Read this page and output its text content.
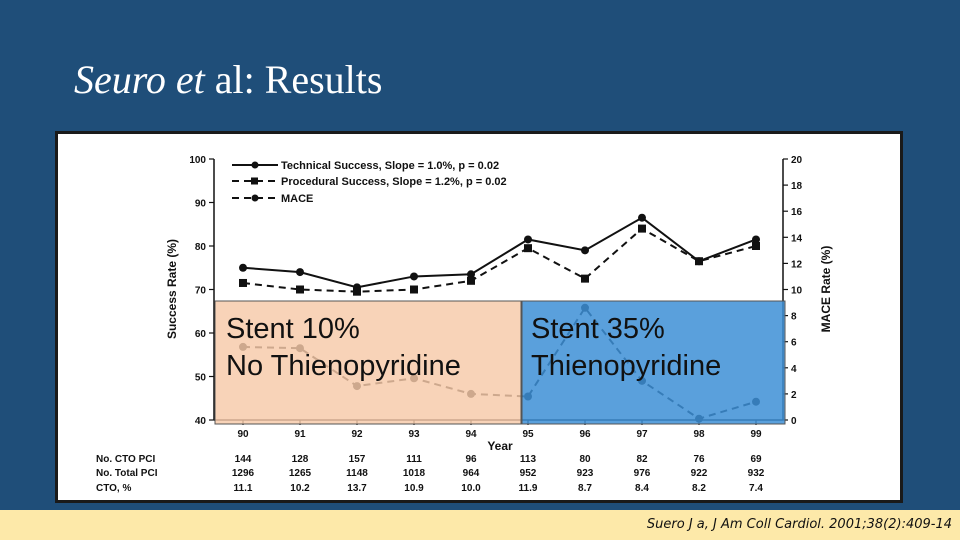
Seuro et al: Results
40
50
60
70
80
90
100
0
2
4
6
8
10
12
14
16
18
20
90	91	92	93	94	95	96	97	98	99
Year
Success Rate (%)	MACE Rate (%)
Technical Success, Slope = 1.0%, p = 0.02
Procedural Success, Slope = 1.2%, p = 0.02
MACE
Stent 10%
No Thienopyridine
Stent 35%
Thienopyridine
No. CTO PCI	144	128	157	111	96	113	80	82	76	69
No. Total PCI	1296	1265	1148	1018	964	952	923	976	922	932
CTO, %	11.1	10.2	13.7	10.9	10.0	11.9	8.7	8.4	8.2	7.4
Suero J a, J Am Coll Cardiol. 2001;38(2):409-14
